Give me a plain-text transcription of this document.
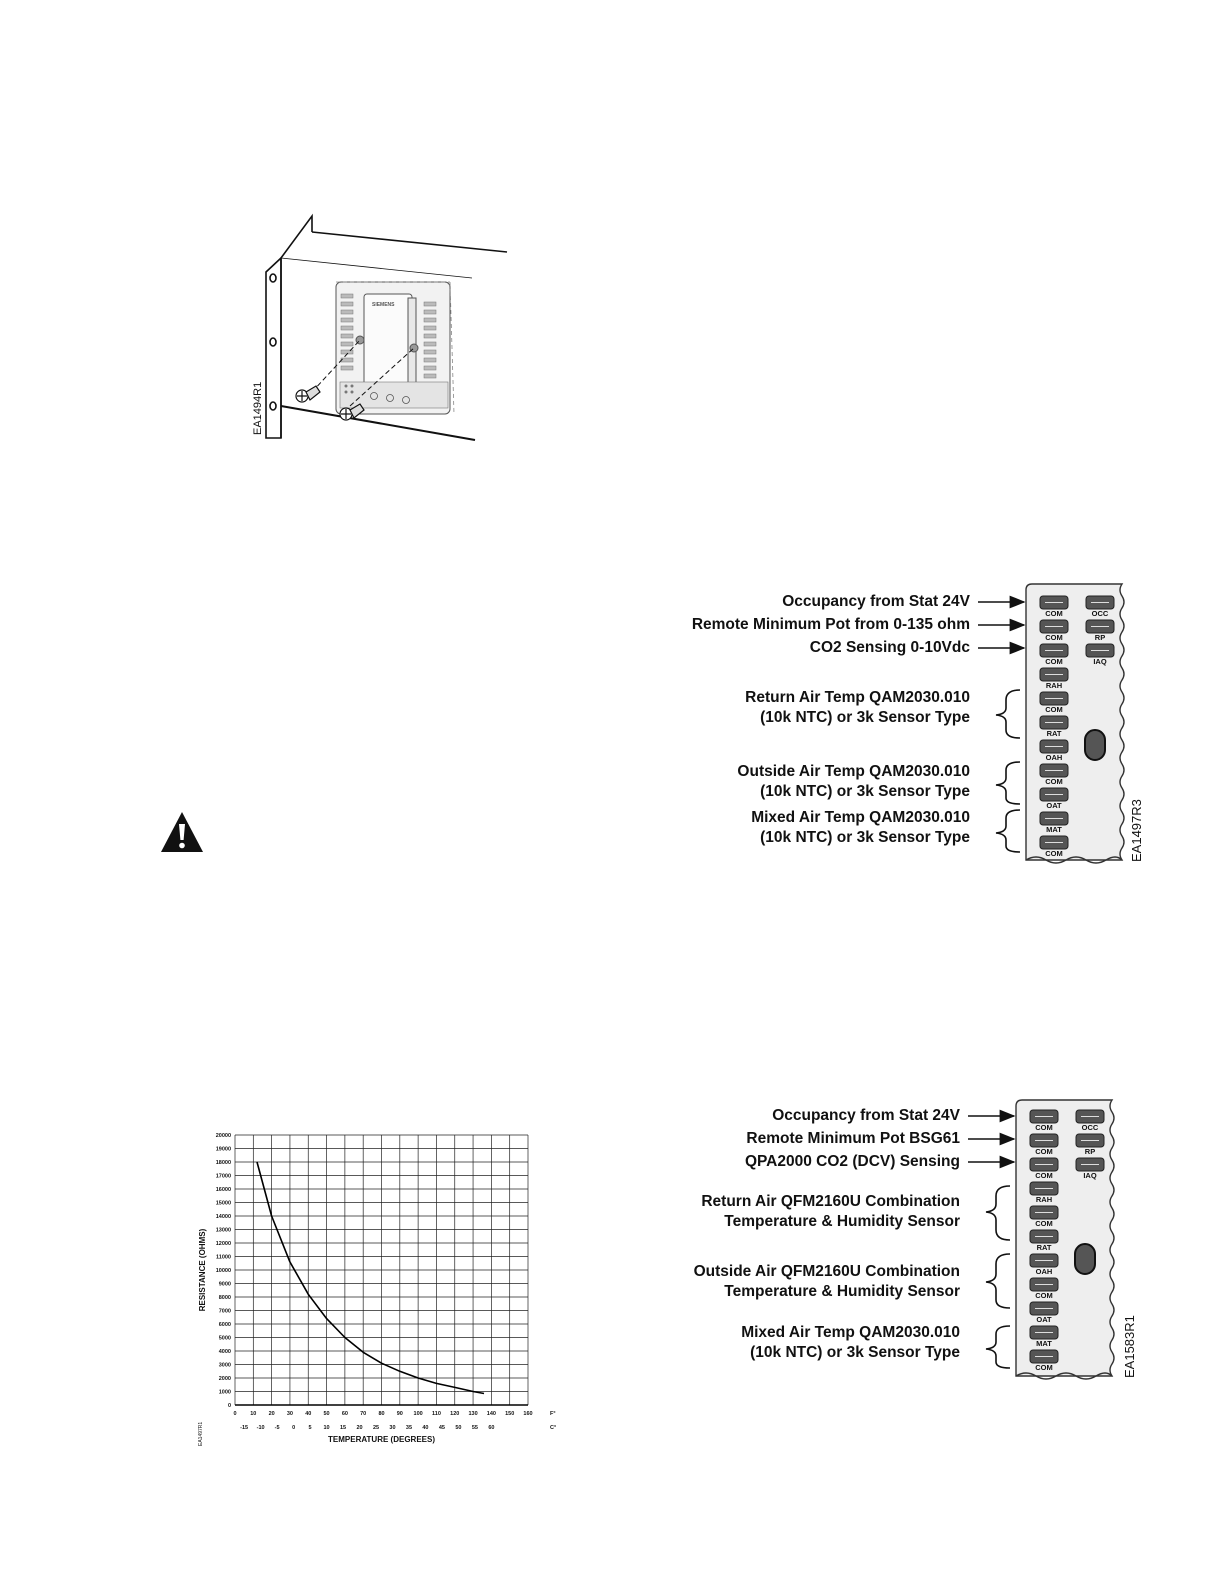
SIEMENS
EA1494R1
Occupancy from Stat 24V
Remote Minimum Pot from 0-135 ohm
CO2 Sensing 0-10Vdc
Return Air Temp QAM2030.010
(10k NTC) or 3k Sensor Type
Outside Air Temp QAM2030.010
(10k NTC) or 3k Sensor Type
Mixed Air Temp QAM2030.010
(10k NTC) or 3k Sensor Type
COM
COM
COM
RAH
COM
RAT
OAH
COM
OAT
MAT
COM
OCC
RP
IAQ
EA1497R3
Occupancy from Stat 24V
Remote Minimum Pot BSG61
QPA2000 CO2 (DCV) Sensing
Return Air QFM2160U Combination
Temperature & Humidity Sensor
Outside Air QFM2160U Combination
Temperature & Humidity Sensor
Mixed Air Temp QAM2030.010
(10k NTC) or 3k Sensor Type
COM
COM
COM
RAH
COM
RAT
OAH
COM
OAT
MAT
COM
OCC
RP
IAQ
EA1583R1
0
1000
2000
3000
4000
5000
6000
7000
8000
9000
10000
11000
12000
13000
14000
15000
16000
17000
18000
19000
20000
0 10 20 30 40 50 60 70 80 90 100 110 120 130 140 150 160	F°
-15 -10 -5 0 5 10 15 20 25 30 35 40 45 50 55 60	C°
TEMPERATURE (DEGREES)
RESISTANCE (OHMS)
EA1497R1
